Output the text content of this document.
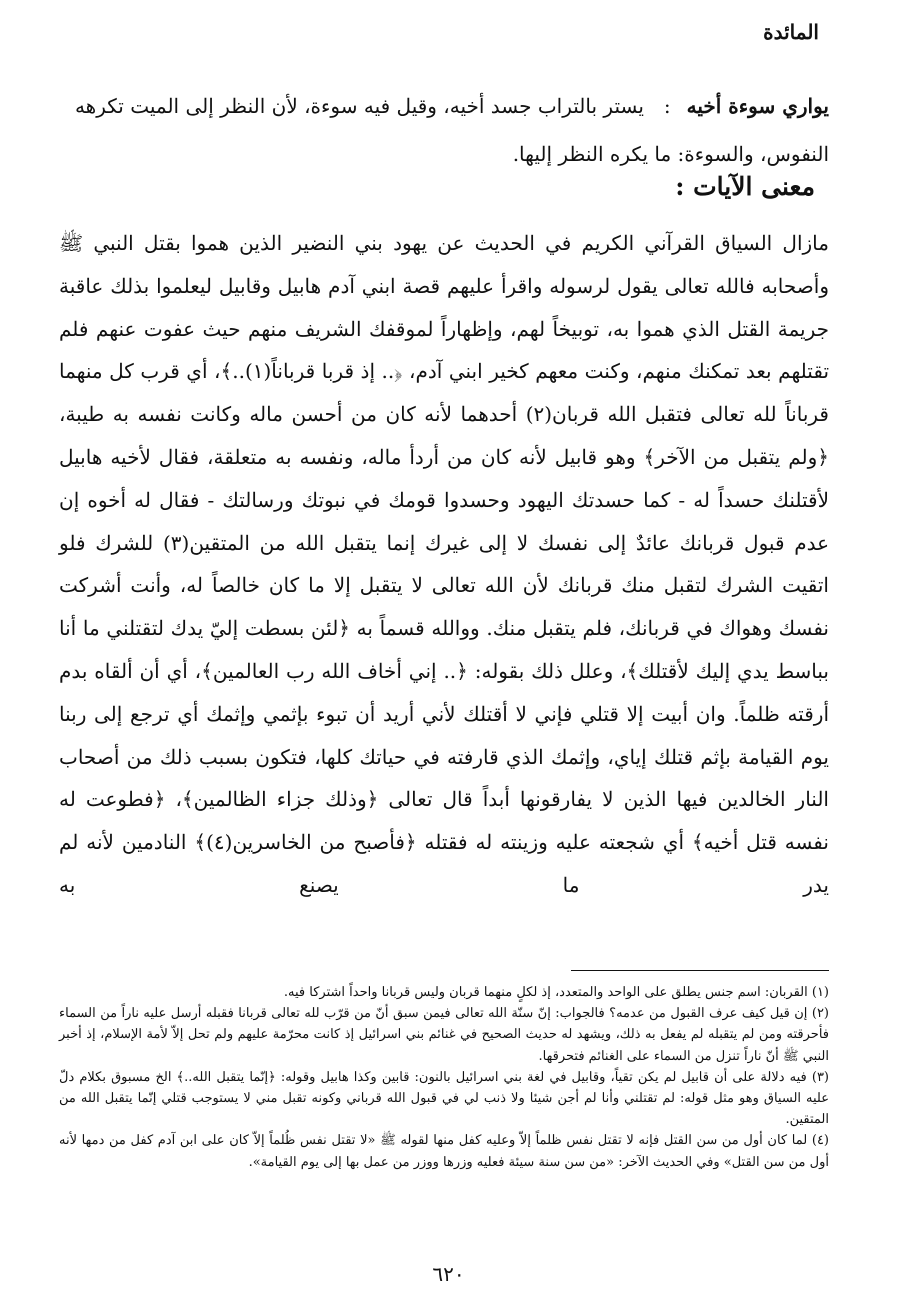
المائدة
يواري سوءة أخيه:يستر بالتراب جسد أخيه، وقيل فيه سوءة، لأن النظر إلى الميت تكرهه النفوس، والسوءة: ما يكره النظر إليها.
معنى الآيات :

مازال السياق القرآني الكريم في الحديث عن يهود بني النضير الذين هموا بقتل النبي ﷺ وأصحابه فالله تعالى يقول لرسوله واقرأ عليهم قصة ابني آدم هابيل وقابيل ليعلموا بذلك عاقبة جريمة القتل الذي هموا به، توبيخاً لهم، وإظهاراً لموقفك الشريف منهم حيث عفوت عنهم فلم تقتلهم بعد تمكنك منهم، وكنت معهم كخير ابني آدم، ﴿.. إذ قربا قرباناً(١)..﴾، أي قرب كل منهما قرباناً لله تعالى فتقبل الله قربان(٢) أحدهما لأنه كان من أحسن ماله وكانت نفسه به طيبة، ﴿ولم يتقبل من الآخر﴾ وهو قابيل لأنه كان من أردأ ماله، ونفسه به متعلقة، فقال لأخيه هابيل لأقتلنك حسداً له - كما حسدتك اليهود وحسدوا قومك في نبوتك ورسالتك - فقال له أخوه إن عدم قبول قربانك عائدٌ إلى نفسك لا إلى غيرك إنما يتقبل الله من المتقين(٣) للشرك فلو اتقيت الشرك لتقبل منك قربانك لأن الله تعالى لا يتقبل إلا ما كان خالصاً له، وأنت أشركت نفسك وهواك في قربانك، فلم يتقبل منك. ووالله قسماً به ﴿لئن بسطت إليّ يدك لتقتلني ما أنا بباسط يدي إليك لأقتلك﴾، وعلل ذلك بقوله: ﴿.. إني أخاف الله رب العالمين﴾، أي أن ألقاه بدم أرقته ظلماً. وان أبيت إلا قتلي فإني لا أقتلك لأني أريد أن تبوء بإثمي وإثمك أي ترجع إلى ربنا يوم القيامة بإثم قتلك إياي، وإثمك الذي قارفته في حياتك كلها، فتكون بسبب ذلك من أصحاب النار الخالدين فيها الذين لا يفارقونها أبداً قال تعالى ﴿وذلك جزاء الظالمين﴾، ﴿فطوعت له نفسه قتل أخيه﴾ أي شجعته عليه وزينته له فقتله ﴿فأصبح من الخاسرين(٤)﴾ النادمين لأنه لم يدر ما يصنع به

(١) القربان: اسم جنس يطلق على الواحد والمتعدد، إذ لكلٍ منهما قربان وليس قربانا واحداً اشتركا فيه.

(٢) إن قيل كيف عرف القبول من عدمه؟ فالجواب: إنّ سنّة الله تعالى فيمن سبق أنّ من قرّب لله تعالى قربانا فقبله أرسل عليه ناراً من السماء فأحرقته ومن لم يتقبله لم يفعل به ذلك، ويشهد له حديث الصحيح في غنائم بني اسرائيل إذ كانت محرّمة عليهم ولم تحل إلاّ لأمة الإسلام، إذ أخبر النبي ﷺ أنّ ناراً تنزل من السماء على الغنائم فتحرقها.

(٣) فيه دلالة على أن قابيل لم يكن تقياً، وقابيل في لغة بني اسرائيل بالنون: قابين وكذا هابيل وقوله: ﴿إنّما يتقبل الله..﴾ الخ مسبوق بكلام دلّ عليه السياق وهو مثل قوله: لم تقتلني وأنا لم أجن شيئا ولا ذنب لي في قبول الله قرباني وكونه تقبل مني لا يستوجب قتلي إنّما يتقبل الله من المتقين.

(٤) لما كان أول من سن القتل فإنه لا تقتل نفس ظلماً إلاّ وعليه كفل منها لقوله ﷺ «لا تقتل نفس ظُلماً إلاّ كان على ابن آدم كفل من دمها لأنه أول من سن القتل» وفي الحديث الآخر: «من سن سنة سيئة فعليه وزرها ووزر من عمل بها إلى يوم القيامة».

٦٢٠
